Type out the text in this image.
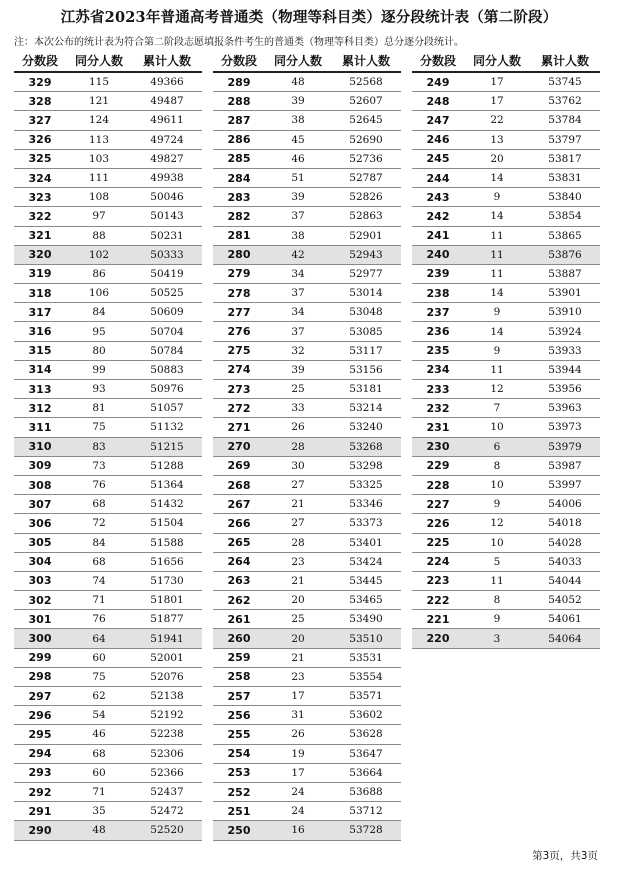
江苏省2023年普通高考普通类（物理等科目类）逐分段统计表（第二阶段）
注：本次公布的统计表为符合第二阶段志愿填报条件考生的普通类（物理等科目类）总分逐分段统计。
分数段	同分人数	累计人数
329	115	49366
328	121	49487
327	124	49611
326	113	49724
325	103	49827
324	111	49938
323	108	50046
322	97	50143
321	88	50231
320	102	50333
319	86	50419
318	106	50525
317	84	50609
316	95	50704
315	80	50784
314	99	50883
313	93	50976
312	81	51057
311	75	51132
310	83	51215
309	73	51288
308	76	51364
307	68	51432
306	72	51504
305	84	51588
304	68	51656
303	74	51730
302	71	51801
301	76	51877
300	64	51941
299	60	52001
298	75	52076
297	62	52138
296	54	52192
295	46	52238
294	68	52306
293	60	52366
292	71	52437
291	35	52472
290	48	52520
分数段	同分人数	累计人数
289	48	52568
288	39	52607
287	38	52645
286	45	52690
285	46	52736
284	51	52787
283	39	52826
282	37	52863
281	38	52901
280	42	52943
279	34	52977
278	37	53014
277	34	53048
276	37	53085
275	32	53117
274	39	53156
273	25	53181
272	33	53214
271	26	53240
270	28	53268
269	30	53298
268	27	53325
267	21	53346
266	27	53373
265	28	53401
264	23	53424
263	21	53445
262	20	53465
261	25	53490
260	20	53510
259	21	53531
258	23	53554
257	17	53571
256	31	53602
255	26	53628
254	19	53647
253	17	53664
252	24	53688
251	24	53712
250	16	53728
分数段	同分人数	累计人数
249	17	53745
248	17	53762
247	22	53784
246	13	53797
245	20	53817
244	14	53831
243	9	53840
242	14	53854
241	11	53865
240	11	53876
239	11	53887
238	14	53901
237	9	53910
236	14	53924
235	9	53933
234	11	53944
233	12	53956
232	7	53963
231	10	53973
230	6	53979
229	8	53987
228	10	53997
227	9	54006
226	12	54018
225	10	54028
224	5	54033
223	11	54044
222	8	54052
221	9	54061
220	3	54064
第3页，共3页
